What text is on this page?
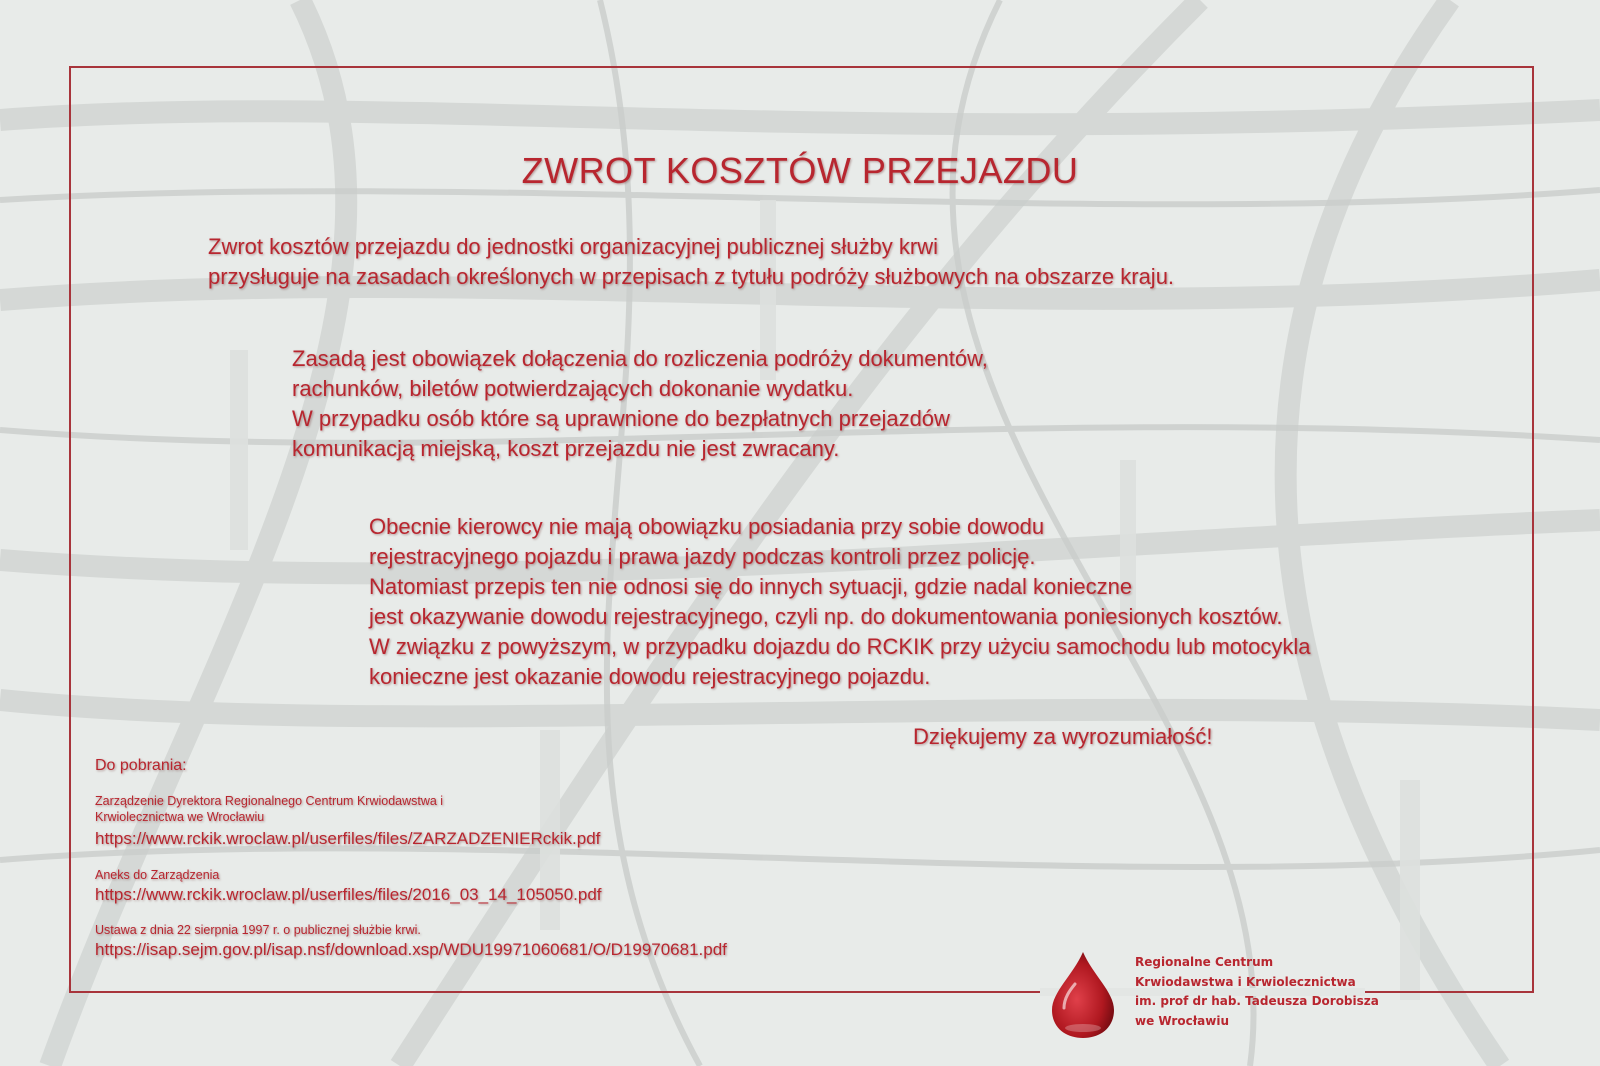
ZWROT KOSZTÓW PRZEJAZDU
Zwrot kosztów przejazdu do jednostki organizacyjnej publicznej służby krwi
przysługuje na zasadach określonych w przepisach z tytułu podróży służbowych na obszarze kraju.
Zasadą jest obowiązek dołączenia do rozliczenia podróży dokumentów,
rachunków, biletów potwierdzających dokonanie wydatku.
W przypadku osób które są uprawnione do bezpłatnych przejazdów
komunikacją miejską, koszt przejazdu nie jest zwracany.
Obecnie kierowcy nie mają obowiązku posiadania przy sobie dowodu
rejestracyjnego pojazdu i prawa jazdy podczas kontroli przez policję.
Natomiast przepis ten nie odnosi się do innych sytuacji, gdzie nadal konieczne
jest okazywanie dowodu rejestracyjnego, czyli np. do dokumentowania poniesionych kosztów.
W związku z powyższym, w przypadku dojazdu do RCKIK przy użyciu samochodu lub motocykla
konieczne jest okazanie dowodu rejestracyjnego pojazdu.
Dziękujemy za wyrozumiałość!
Do pobrania:
Zarządzenie Dyrektora Regionalnego Centrum Krwiodawstwa i
Krwiolecznictwa we Wrocławiu
https://www.rckik.wroclaw.pl/userfiles/files/ZARZADZENIERckik.pdf
Aneks do Zarządzenia
https://www.rckik.wroclaw.pl/userfiles/files/2016_03_14_105050.pdf
Ustawa z dnia 22 sierpnia 1997 r. o publicznej służbie krwi.
https://isap.sejm.gov.pl/isap.nsf/download.xsp/WDU19971060681/O/D19970681.pdf
Regionalne Centrum
Krwiodawstwa i Krwiolecznictwa
im. prof dr hab. Tadeusza Dorobisza
we Wrocławiu
